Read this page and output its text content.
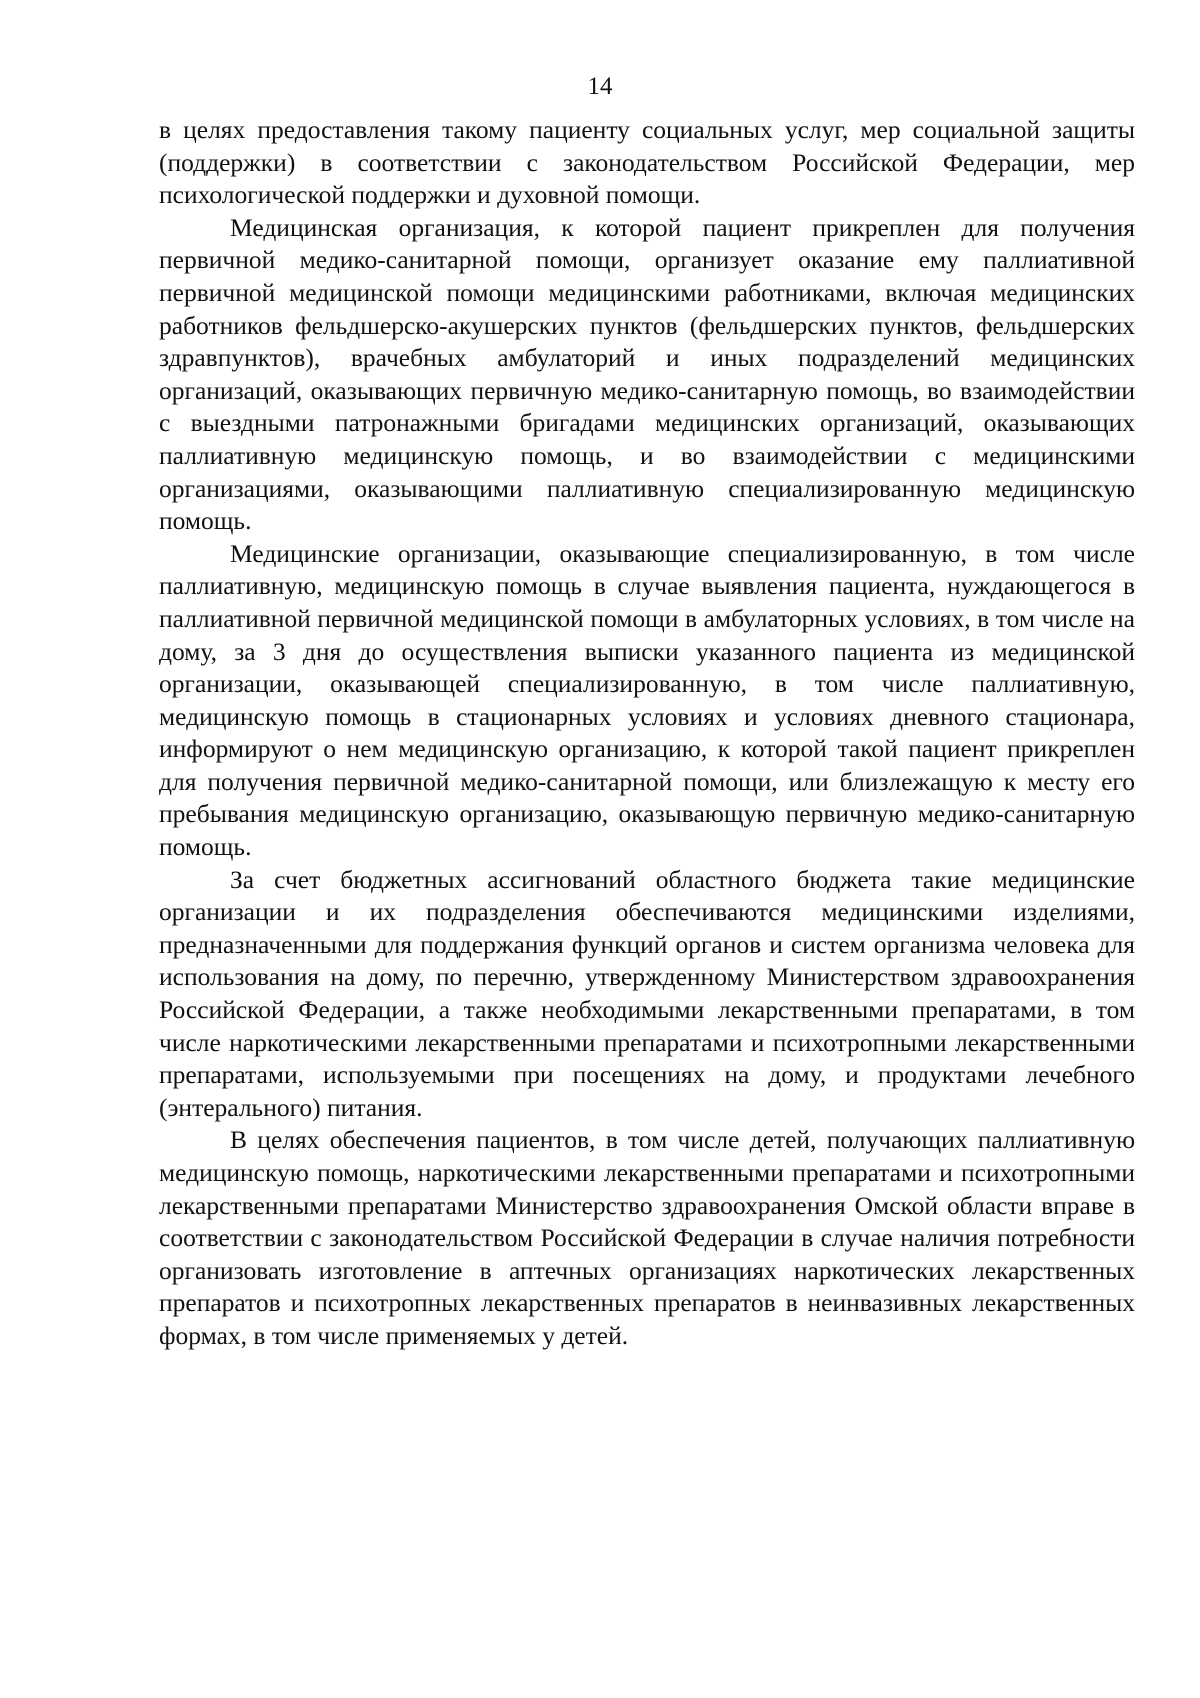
14

в целях предоставления такому пациенту социальных услуг, мер социальной защиты (поддержки) в соответствии с законодательством Российской Федерации, мер психологической поддержки и духовной помощи.

Медицинская организация, к которой пациент прикреплен для получения первичной медико-санитарной помощи, организует оказание ему паллиативной первичной медицинской помощи медицинскими работниками, включая медицинских работников фельдшерско-акушерских пунктов (фельдшерских пунктов, фельдшерских здравпунктов), врачебных амбулаторий и иных подразделений медицинских организаций, оказывающих первичную медико-санитарную помощь, во взаимодействии с выездными патронажными бригадами медицинских организаций, оказывающих паллиативную медицинскую помощь, и во взаимодействии с медицинскими организациями, оказывающими паллиативную специализированную медицинскую помощь.

Медицинские организации, оказывающие специализированную, в том числе паллиативную, медицинскую помощь в случае выявления пациента, нуждающегося в паллиативной первичной медицинской помощи в амбулаторных условиях, в том числе на дому, за 3 дня до осуществления выписки указанного пациента из медицинской организации, оказывающей специализированную, в том числе паллиативную, медицинскую помощь в стационарных условиях и условиях дневного стационара, информируют о нем медицинскую организацию, к которой такой пациент прикреплен для получения первичной медико-санитарной помощи, или близлежащую к месту его пребывания медицинскую организацию, оказывающую первичную медико-санитарную помощь.

За счет бюджетных ассигнований областного бюджета такие медицинские организации и их подразделения обеспечиваются медицинскими изделиями, предназначенными для поддержания функций органов и систем организма человека для использования на дому, по перечню, утвержденному Министерством здравоохранения Российской Федерации, а также необходимыми лекарственными препаратами, в том числе наркотическими лекарственными препаратами и психотропными лекарственными препаратами, используемыми при посещениях на дому, и продуктами лечебного (энтерального) питания.

В целях обеспечения пациентов, в том числе детей, получающих паллиативную медицинскую помощь, наркотическими лекарственными препаратами и психотропными лекарственными препаратами Министерство здравоохранения Омской области вправе в соответствии с законодательством Российской Федерации в случае наличия потребности организовать изготовление в аптечных организациях наркотических лекарственных препаратов и психотропных лекарственных препаратов в неинвазивных лекарственных формах, в том числе применяемых у детей.
